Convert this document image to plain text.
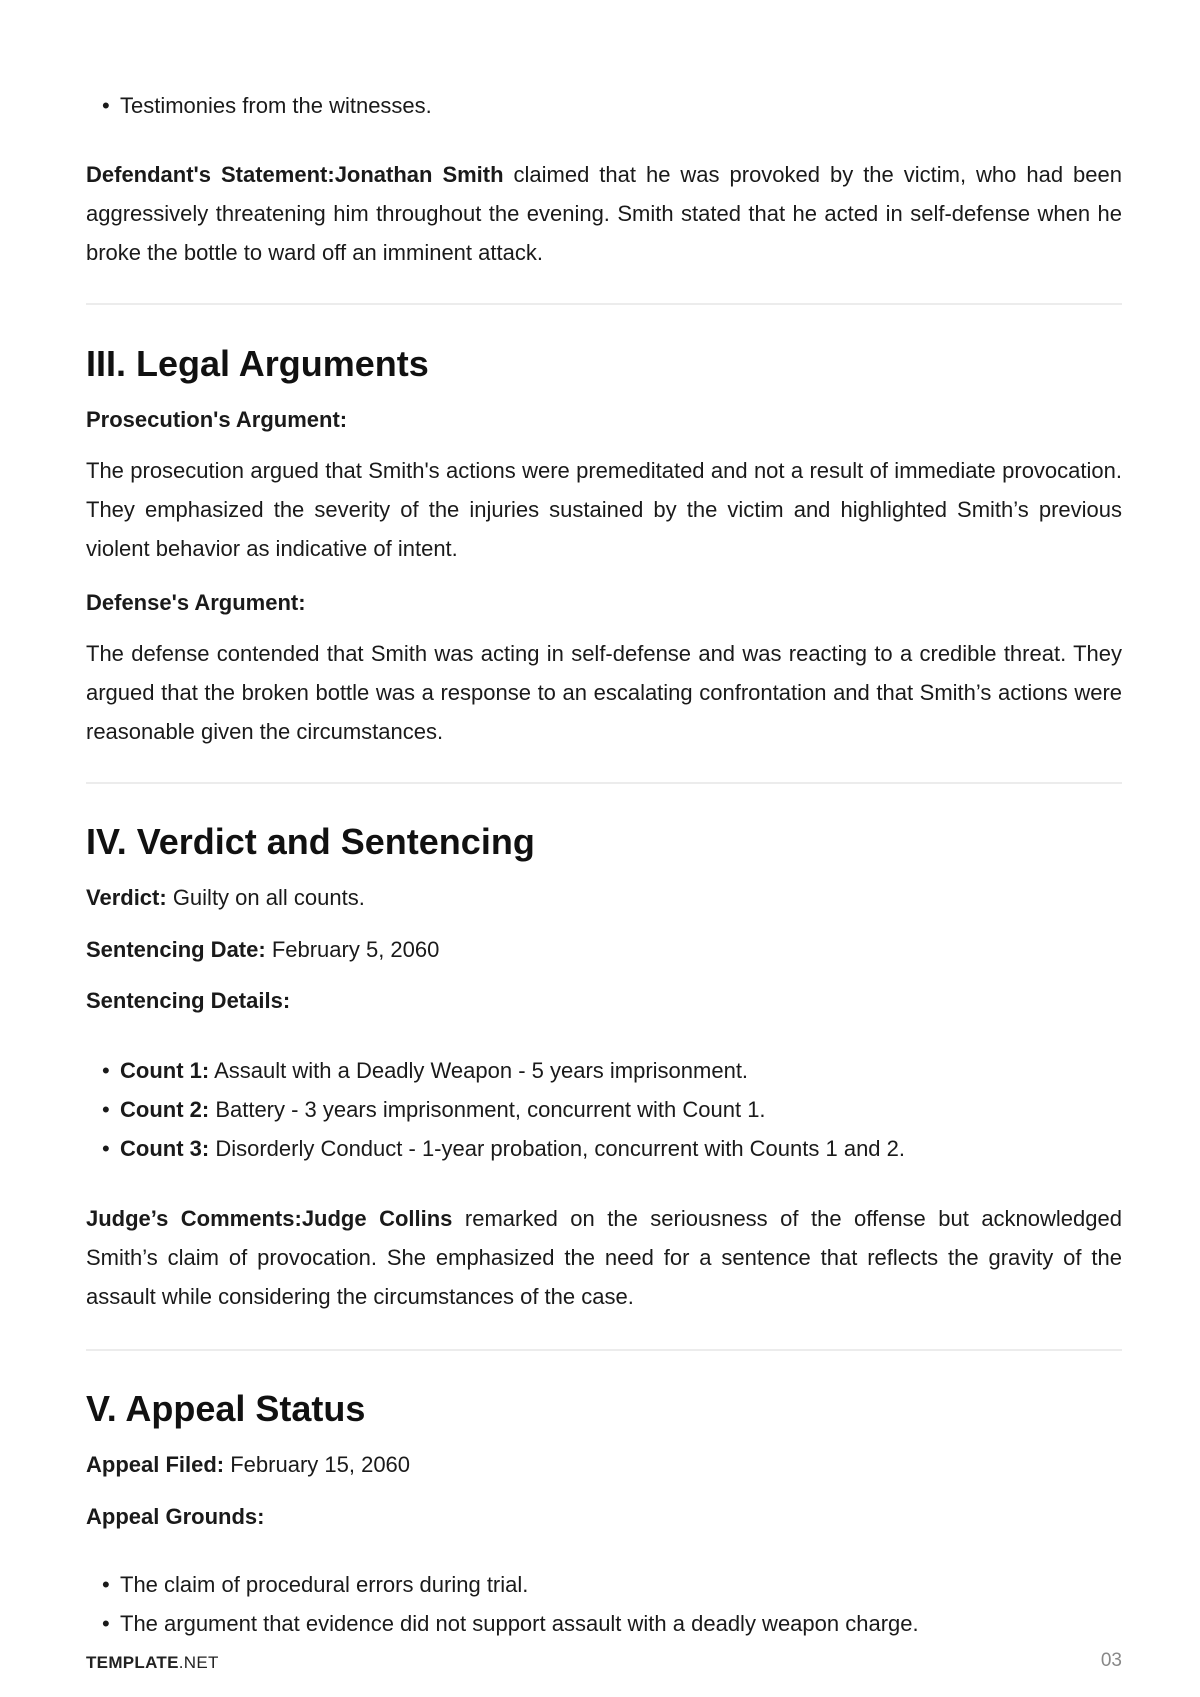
• Testimonies from the witnesses.

Defendant's Statement:Jonathan Smith claimed that he was provoked by the victim, who had been aggressively threatening him throughout the evening. Smith stated that he acted in self-defense when he broke the bottle to ward off an imminent attack.

III. Legal Arguments

Prosecution's Argument:

The prosecution argued that Smith's actions were premeditated and not a result of immediate provocation. They emphasized the severity of the injuries sustained by the victim and highlighted Smith’s previous violent behavior as indicative of intent.

Defense's Argument:

The defense contended that Smith was acting in self-defense and was reacting to a credible threat. They argued that the broken bottle was a response to an escalating confrontation and that Smith’s actions were reasonable given the circumstances.

IV. Verdict and Sentencing

Verdict: Guilty on all counts.

Sentencing Date: February 5, 2060

Sentencing Details:

• Count 1: Assault with a Deadly Weapon - 5 years imprisonment.
• Count 2: Battery - 3 years imprisonment, concurrent with Count 1.
• Count 3: Disorderly Conduct - 1-year probation, concurrent with Counts 1 and 2.

Judge’s Comments:Judge Collins remarked on the seriousness of the offense but acknowledged Smith’s claim of provocation. She emphasized the need for a sentence that reflects the gravity of the assault while considering the circumstances of the case.

V. Appeal Status

Appeal Filed: February 15, 2060

Appeal Grounds:

• The claim of procedural errors during trial.
• The argument that evidence did not support assault with a deadly weapon charge.
TEMPLATE.NET	03
